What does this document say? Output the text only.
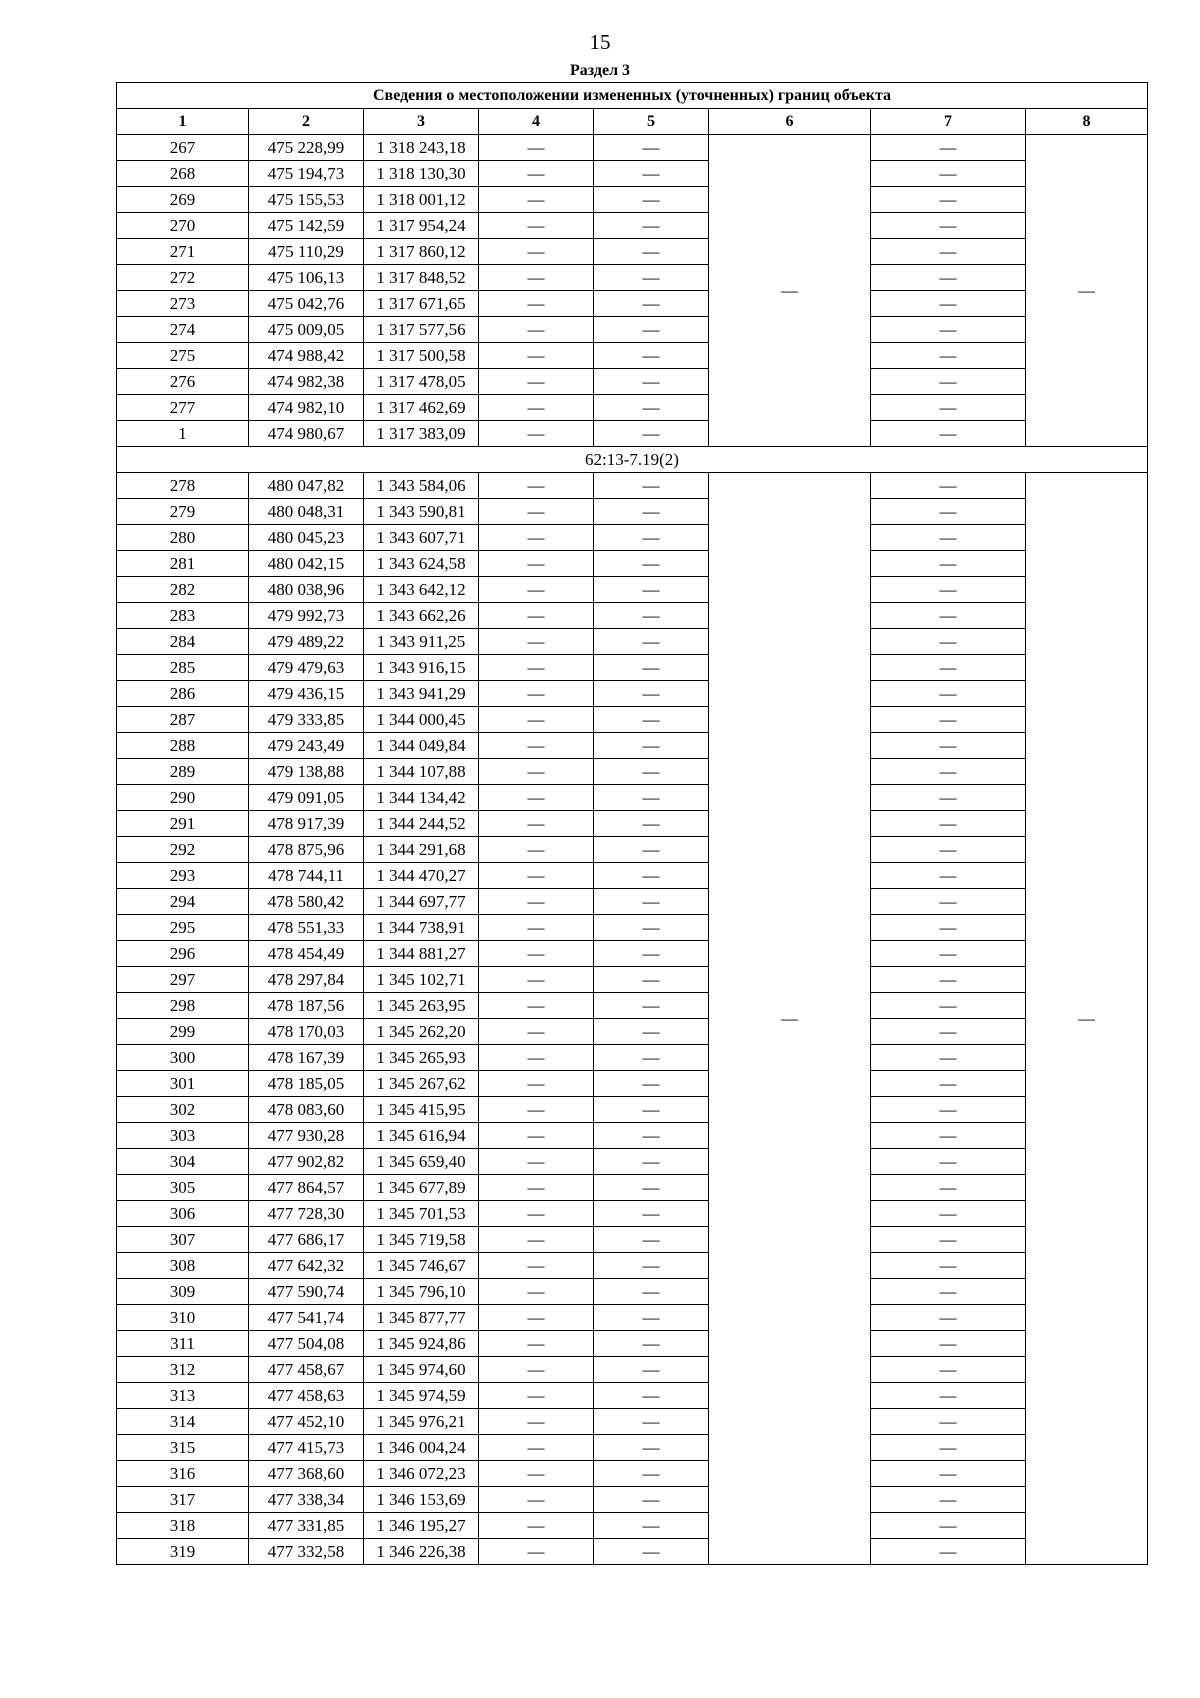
15
Раздел 3
Сведения о местоположении измененных (уточненных) границ объекта							
1	2	3	4	5	6	7	8
267	475 228,99	1 318 243,18	—	—	—	—	—
268	475 194,73	1 318 130,30	—	—		—	
269	475 155,53	1 318 001,12	—	—		—	
270	475 142,59	1 317 954,24	—	—		—	
271	475 110,29	1 317 860,12	—	—		—	
272	475 106,13	1 317 848,52	—	—		—	
273	475 042,76	1 317 671,65	—	—		—	
274	475 009,05	1 317 577,56	—	—		—	
275	474 988,42	1 317 500,58	—	—		—	
276	474 982,38	1 317 478,05	—	—		—	
277	474 982,10	1 317 462,69	—	—		—	
1	474 980,67	1 317 383,09	—	—		—	
62:13-7.19(2)							
278	480 047,82	1 343 584,06	—	—	—	—	—
279	480 048,31	1 343 590,81	—	—		—	
280	480 045,23	1 343 607,71	—	—		—	
281	480 042,15	1 343 624,58	—	—		—	
282	480 038,96	1 343 642,12	—	—		—	
283	479 992,73	1 343 662,26	—	—		—	
284	479 489,22	1 343 911,25	—	—		—	
285	479 479,63	1 343 916,15	—	—		—	
286	479 436,15	1 343 941,29	—	—		—	
287	479 333,85	1 344 000,45	—	—		—	
288	479 243,49	1 344 049,84	—	—		—	
289	479 138,88	1 344 107,88	—	—		—	
290	479 091,05	1 344 134,42	—	—		—	
291	478 917,39	1 344 244,52	—	—		—	
292	478 875,96	1 344 291,68	—	—		—	
293	478 744,11	1 344 470,27	—	—		—	
294	478 580,42	1 344 697,77	—	—		—	
295	478 551,33	1 344 738,91	—	—		—	
296	478 454,49	1 344 881,27	—	—		—	
297	478 297,84	1 345 102,71	—	—		—	
298	478 187,56	1 345 263,95	—	—		—	
299	478 170,03	1 345 262,20	—	—		—	
300	478 167,39	1 345 265,93	—	—		—	
301	478 185,05	1 345 267,62	—	—		—	
302	478 083,60	1 345 415,95	—	—		—	
303	477 930,28	1 345 616,94	—	—		—	
304	477 902,82	1 345 659,40	—	—		—	
305	477 864,57	1 345 677,89	—	—		—	
306	477 728,30	1 345 701,53	—	—		—	
307	477 686,17	1 345 719,58	—	—		—	
308	477 642,32	1 345 746,67	—	—		—	
309	477 590,74	1 345 796,10	—	—		—	
310	477 541,74	1 345 877,77	—	—		—	
311	477 504,08	1 345 924,86	—	—		—	
312	477 458,67	1 345 974,60	—	—		—	
313	477 458,63	1 345 974,59	—	—		—	
314	477 452,10	1 345 976,21	—	—		—	
315	477 415,73	1 346 004,24	—	—		—	
316	477 368,60	1 346 072,23	—	—		—	
317	477 338,34	1 346 153,69	—	—		—	
318	477 331,85	1 346 195,27	—	—		—	
319	477 332,58	1 346 226,38	—	—		—	
